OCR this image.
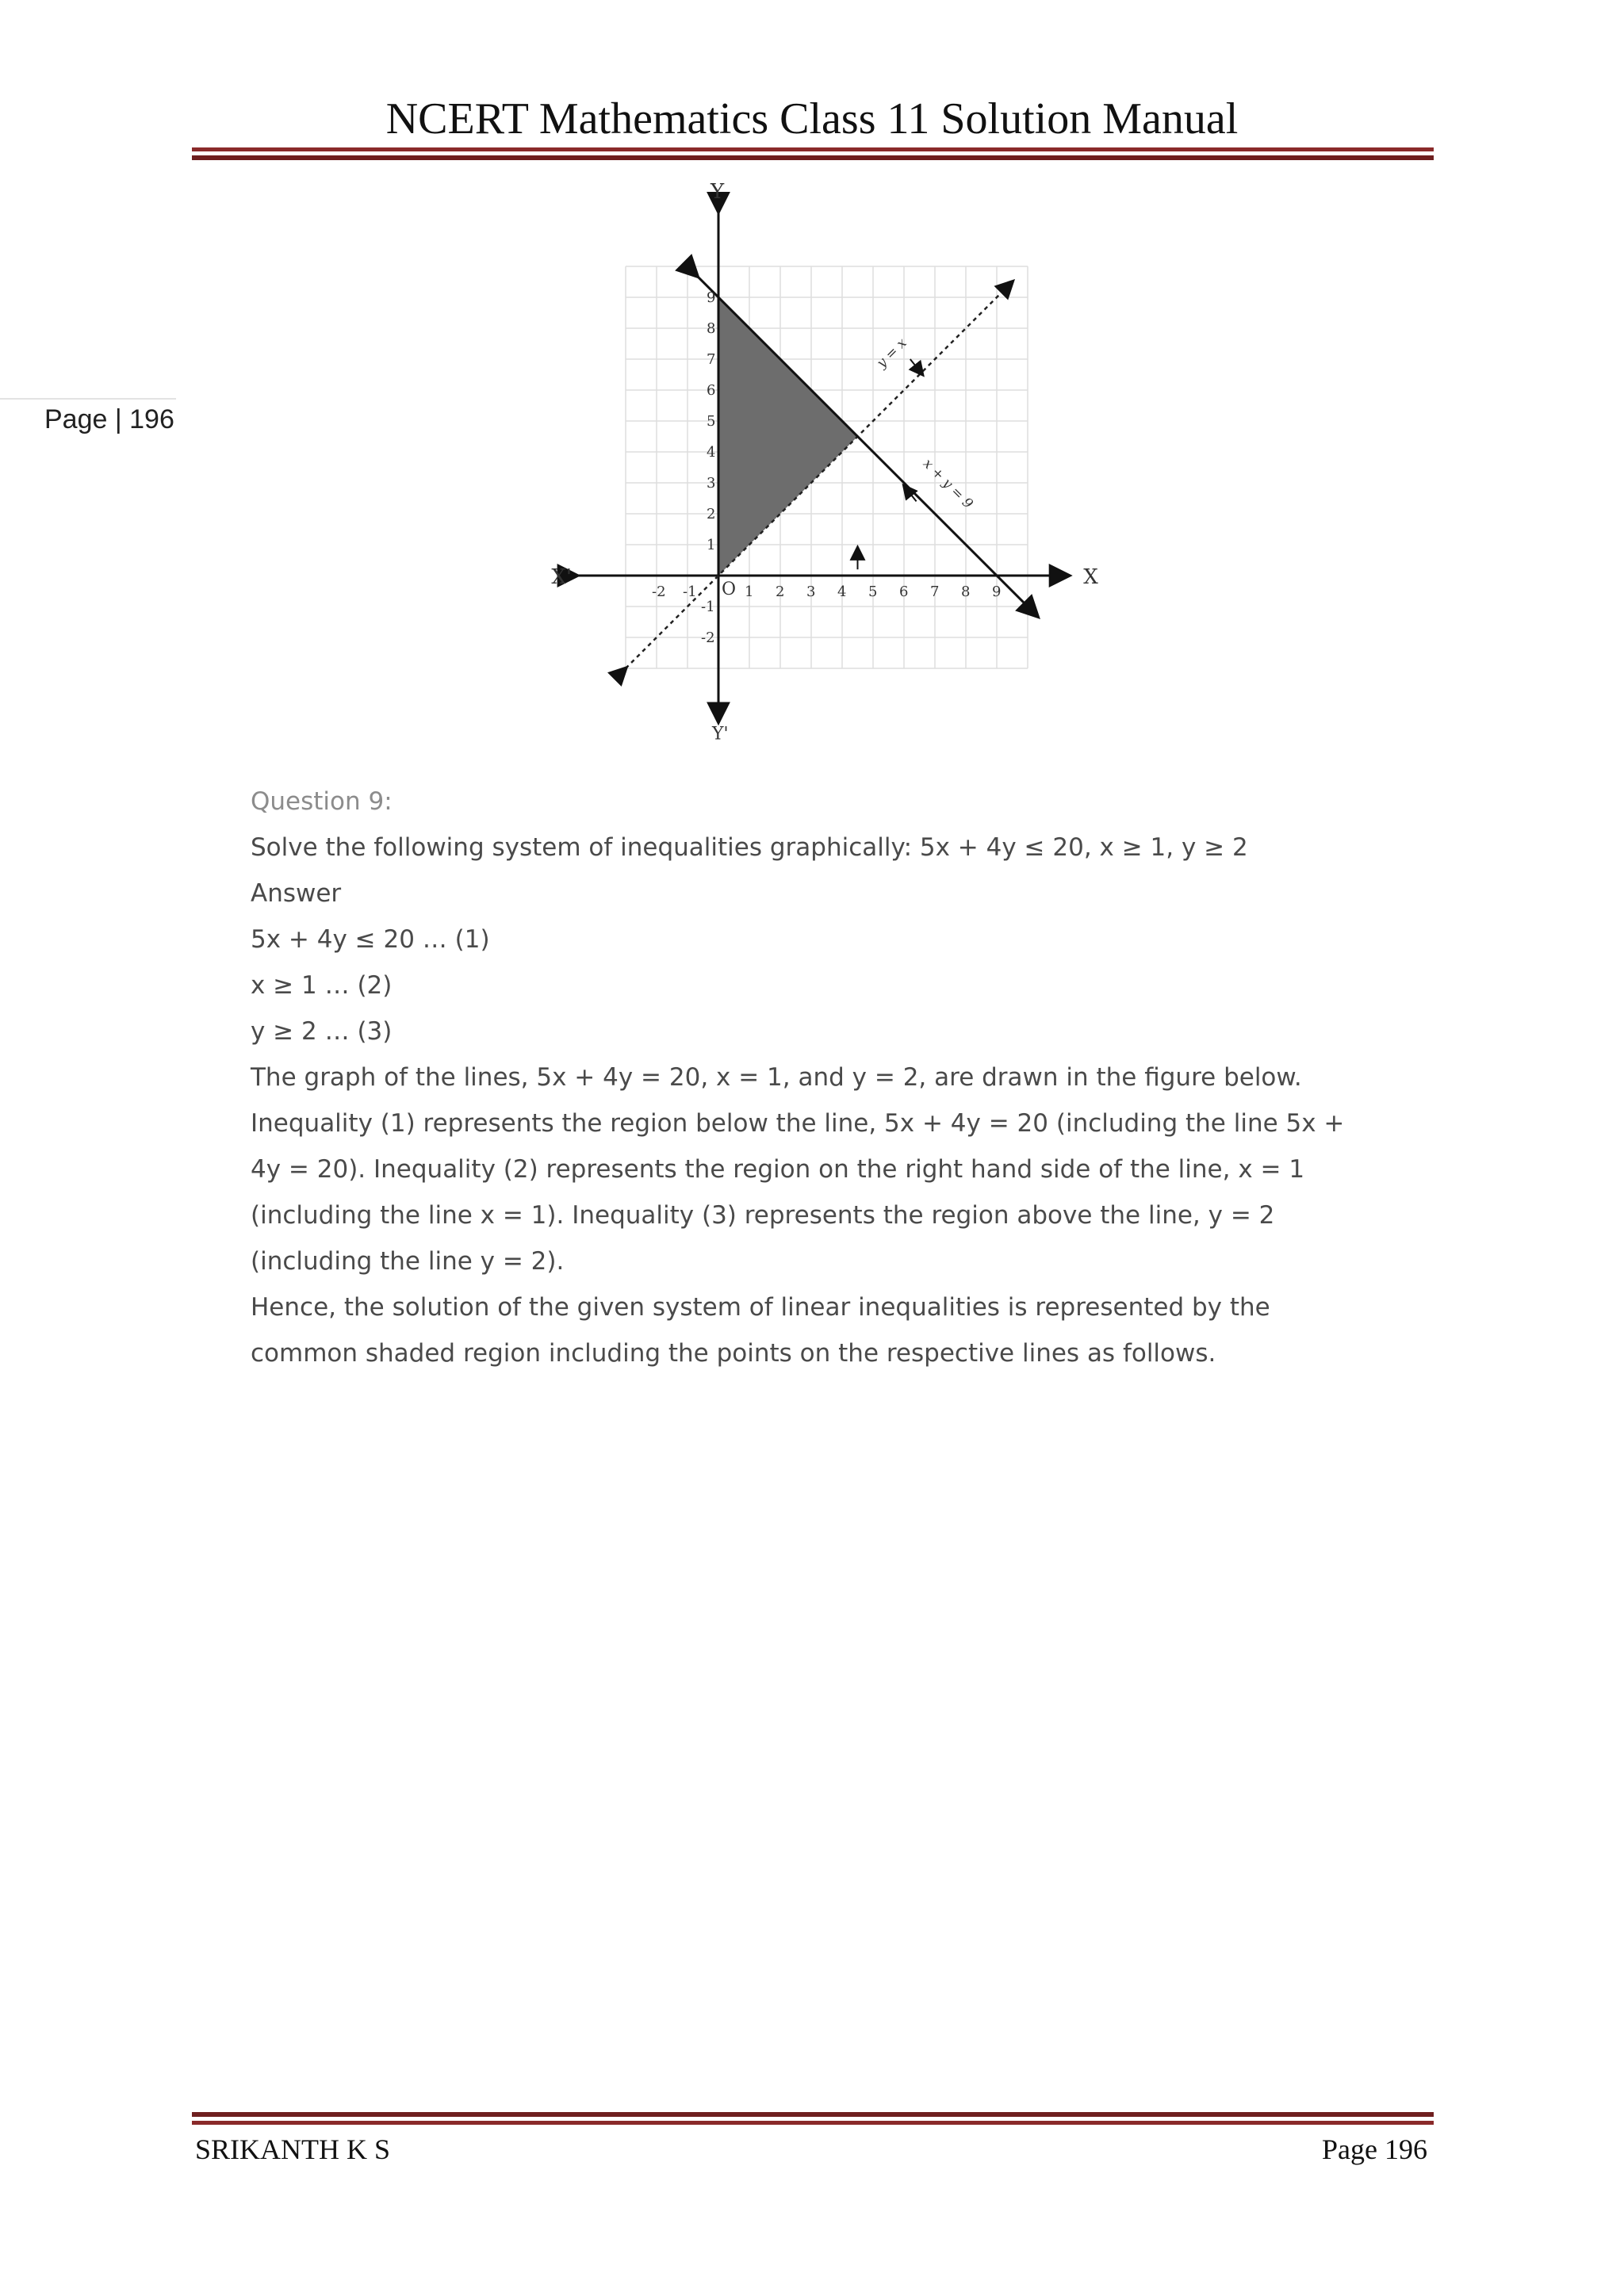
NCERT Mathematics Class 11 Solution Manual
Page | 196
-2 -1	1 2 3 4 5 6 7 8 9
9
8
7
6
5
4
3
2
1
-1
-2
X
X'
Y
Y'
O
y = x
x + y = 9

Question 9:

Solve the following system of inequalities graphically: 5x + 4y ≤ 20, x ≥ 1, y ≥ 2

Answer

5x + 4y ≤ 20 … (1)

x ≥ 1 … (2)

y ≥ 2 … (3)

The graph of the lines, 5x + 4y = 20, x = 1, and y = 2, are drawn in the figure below.

Inequality (1) represents the region below the line, 5x + 4y = 20 (including the line 5x +

4y = 20). Inequality (2) represents the region on the right hand side of the line, x = 1

(including the line x = 1). Inequality (3) represents the region above the line, y = 2

(including the line y = 2).

Hence, the solution of the given system of linear inequalities is represented by the

common shaded region including the points on the respective lines as follows.

SRIKANTH K S	Page 196
